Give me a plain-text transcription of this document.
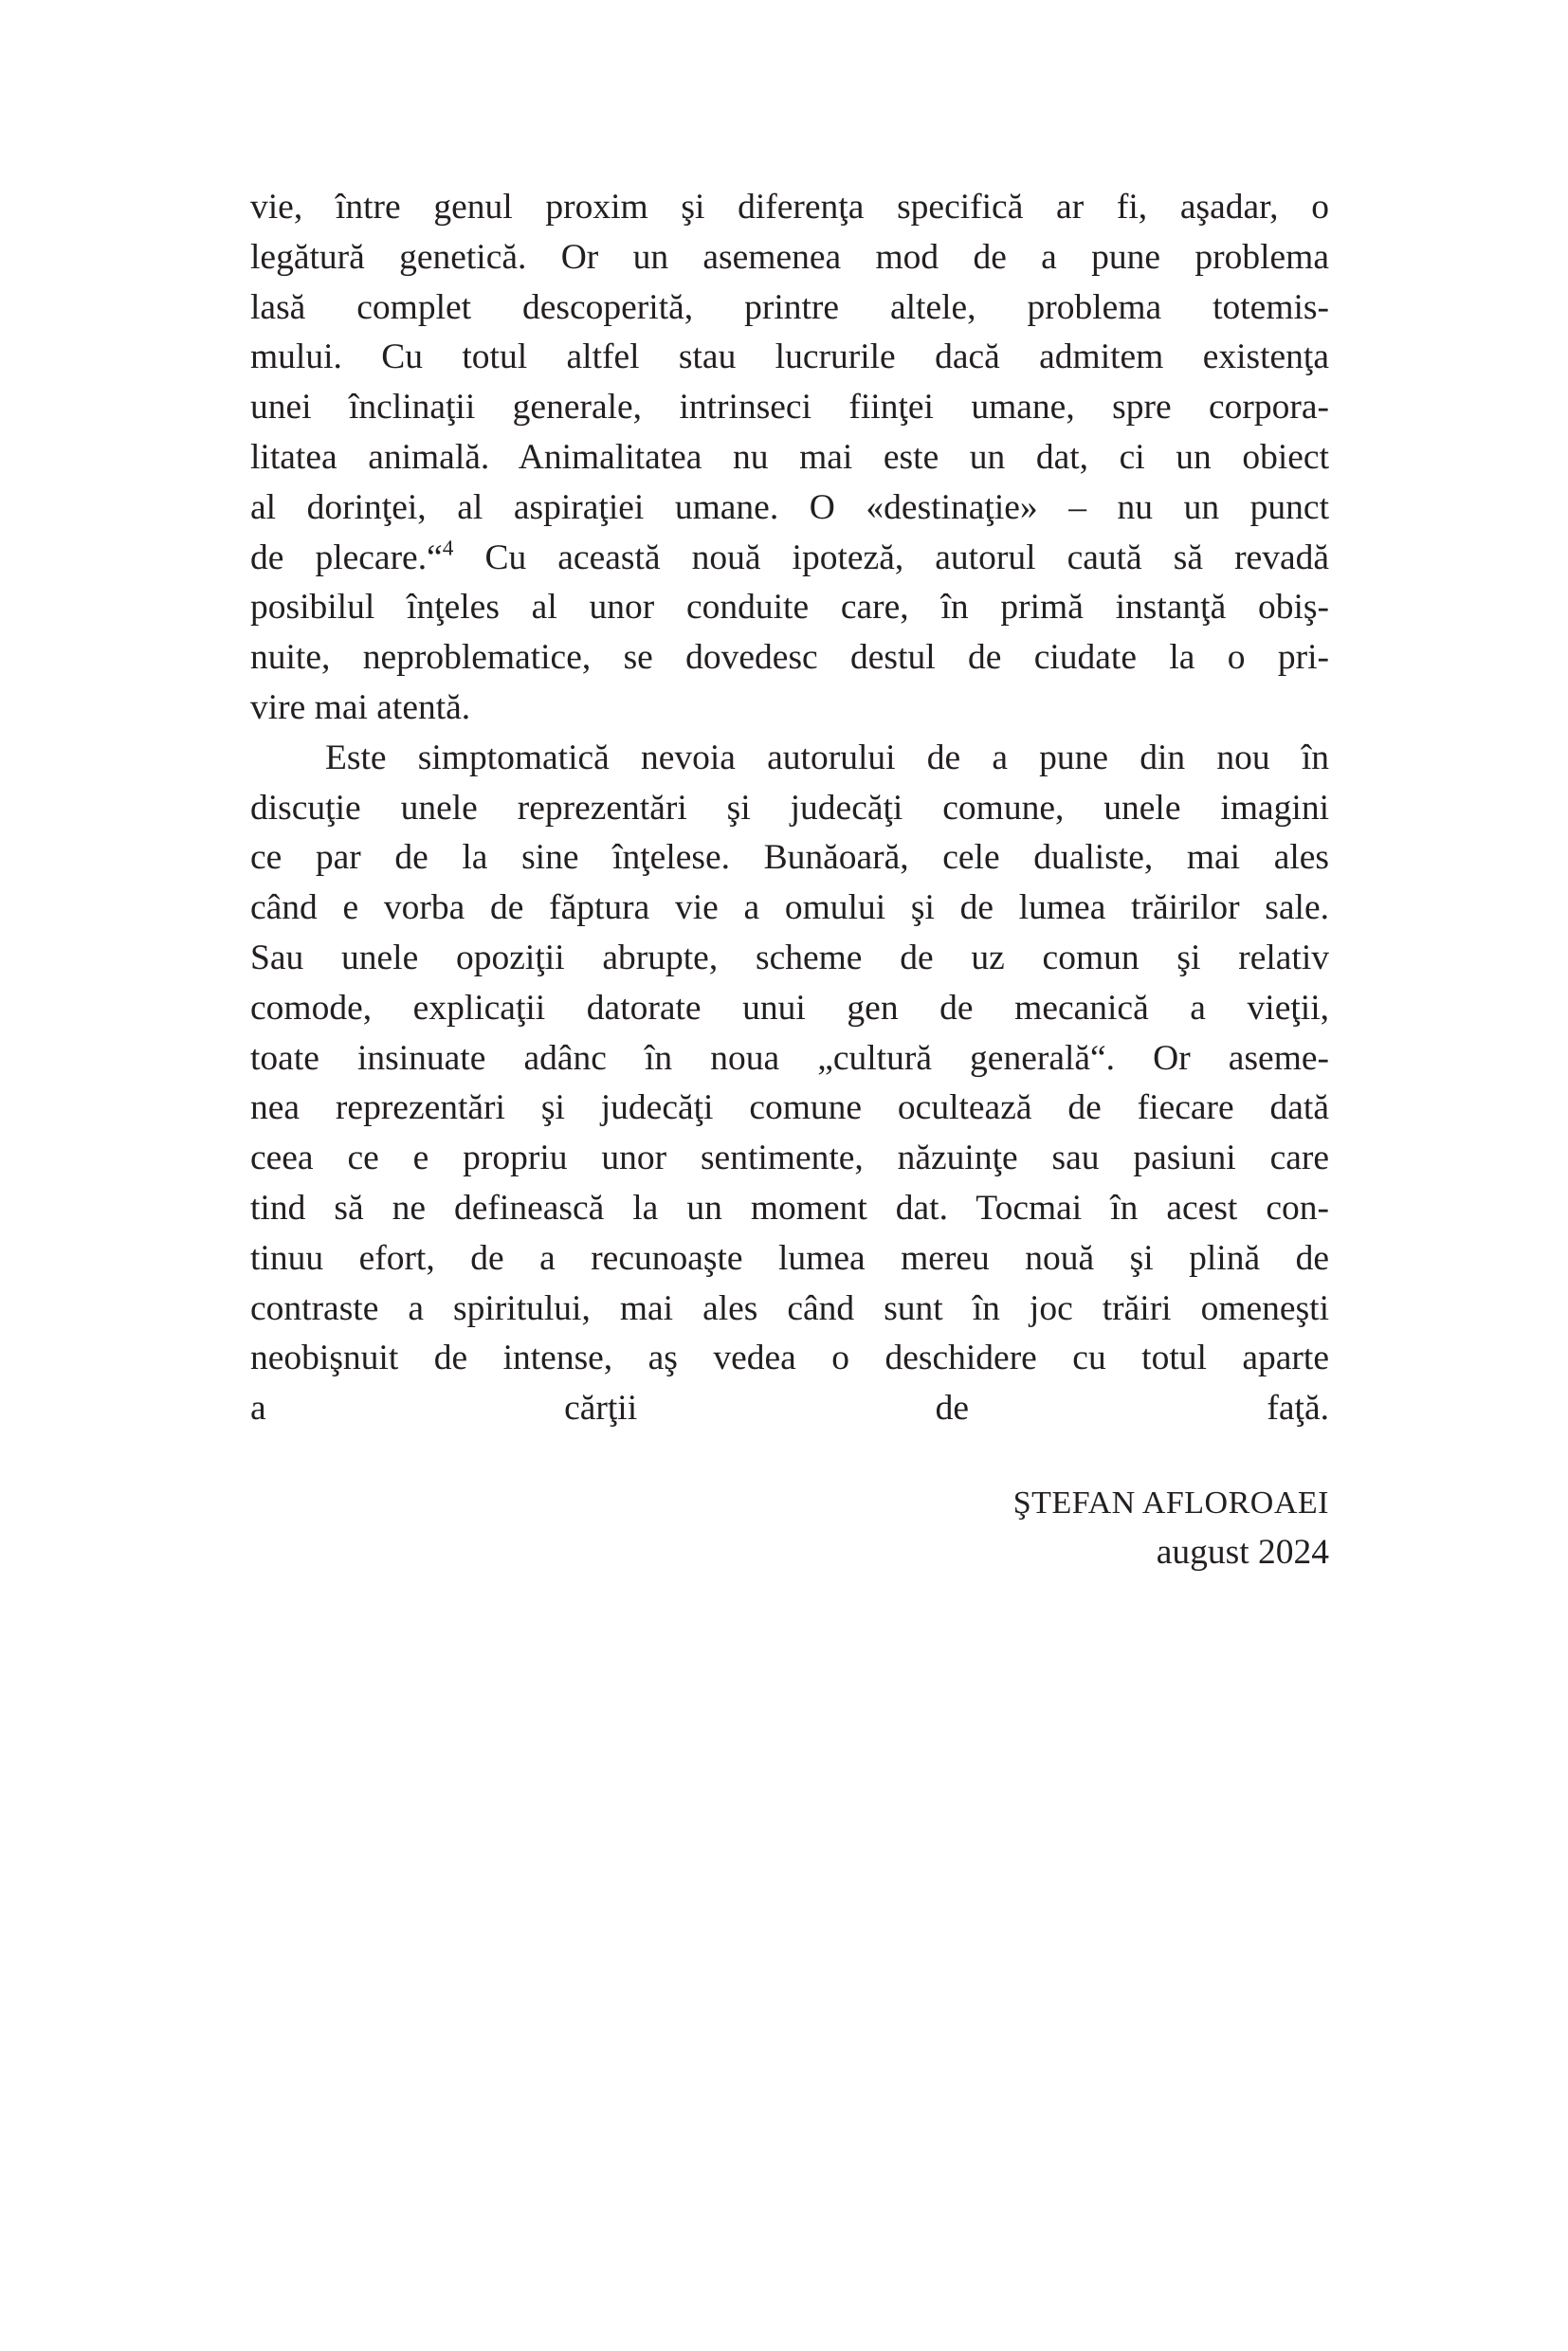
vie, între genul proxim şi diferenţa specifică ar fi, aşadar, o
legătură genetică. Or un asemenea mod de a pune problema
lasă complet descoperită, printre altele, problema totemis-
mului. Cu totul altfel stau lucrurile dacă admitem existenţa
unei înclinaţii generale, intrinseci fiinţei umane, spre corpora-
litatea animală. Animalitatea nu mai este un dat, ci un obiect
al dorinţei, al aspiraţiei umane. O «destinaţie» – nu un punct
de plecare.“$^4$ Cu această nouă ipoteză, autorul caută să revadă
posibilul înţeles al unor conduite care, în primă instanţă obiş-
nuite, neproblematice, se dovedesc destul de ciudate la o pri-
vire mai atentă.
Este simptomatică nevoia autorului de a pune din nou în
discuţie unele reprezentări şi judecăţi comune, unele imagini
ce par de la sine înţelese. Bunăoară, cele dualiste, mai ales
când e vorba de făptura vie a omului şi de lumea trăirilor sale.
Sau unele opoziţii abrupte, scheme de uz comun şi relativ
comode, explicaţii datorate unui gen de mecanică a vieţii,
toate insinuate adânc în noua „cultură generală“. Or aseme-
nea reprezentări şi judecăţi comune ocultează de fiecare dată
ceea ce e propriu unor sentimente, năzuinţe sau pasiuni care
tind să ne definească la un moment dat. Tocmai în acest con-
tinuu efort, de a recunoaşte lumea mereu nouă şi plină de
contraste a spiritului, mai ales când sunt în joc trăiri omeneşti
neobişnuit de intense, aş vedea o deschidere cu totul aparte
a cărţii de faţă.
ŞTEFAN AFLOROAEI
august 2024
